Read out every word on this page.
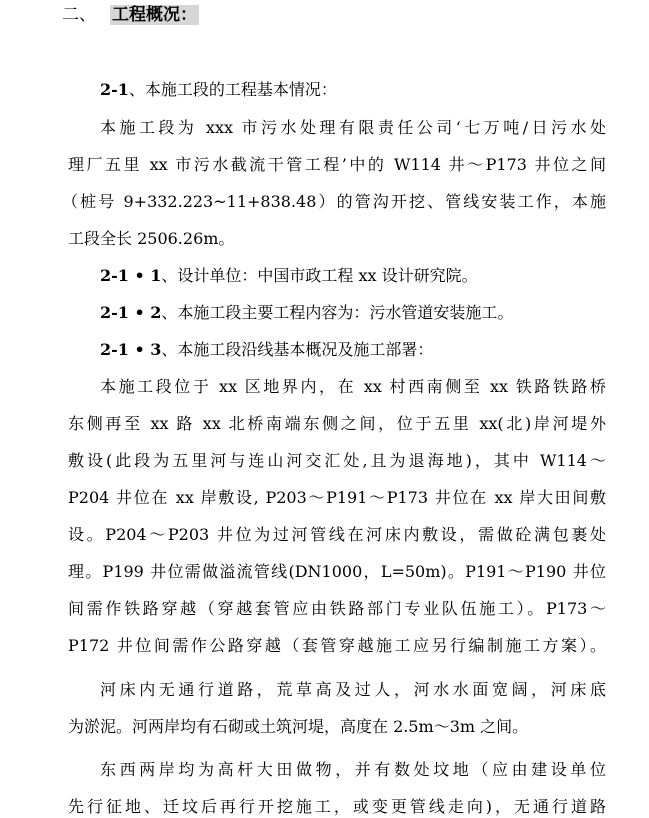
二、 工程概况：
2-1、本施工段的工程基本情况：
本施工段为 xxx 市污水处理有限责任公司‘七万吨/日污水处
理厂五里 xx 市污水截流干管工程’中的 W114 井～P173 井位之间
（桩号 9+332.223~11+838.48）的管沟开挖、管线安装工作，本施
工段全长 2506.26m。
2-1 • 1、设计单位：中国市政工程 xx 设计研究院。
2-1 • 2、本施工段主要工程内容为：污水管道安装施工。
2-1 • 3、本施工段沿线基本概况及施工部署：
本施工段位于 xx 区地界内，在 xx 村西南侧至 xx 铁路铁路桥
东侧再至 xx 路 xx 北桥南端东侧之间，位于五里 xx(北)岸河堤外
敷设(此段为五里河与连山河交汇处,且为退海地)，其中 W114～
P204 井位在 xx 岸敷设, P203～P191～P173 井位在 xx 岸大田间敷
设。P204～P203 井位为过河管线在河床内敷设，需做砼满包裹处
理。P199 井位需做溢流管线(DN1000，L=50m)。P191～P190 井位
间需作铁路穿越（穿越套管应由铁路部门专业队伍施工）。P173～
P172 井位间需作公路穿越（套管穿越施工应另行编制施工方案）。
河床内无通行道路，荒草高及过人，河水水面宽阔，河床底
为淤泥。河两岸均有石砌或土筑河堤，高度在 2.5m～3m 之间。
东西两岸均为高杆大田做物，并有数处坟地（应由建设单位
先行征地、迁坟后再行开挖施工，或变更管线走向)，无通行道路
